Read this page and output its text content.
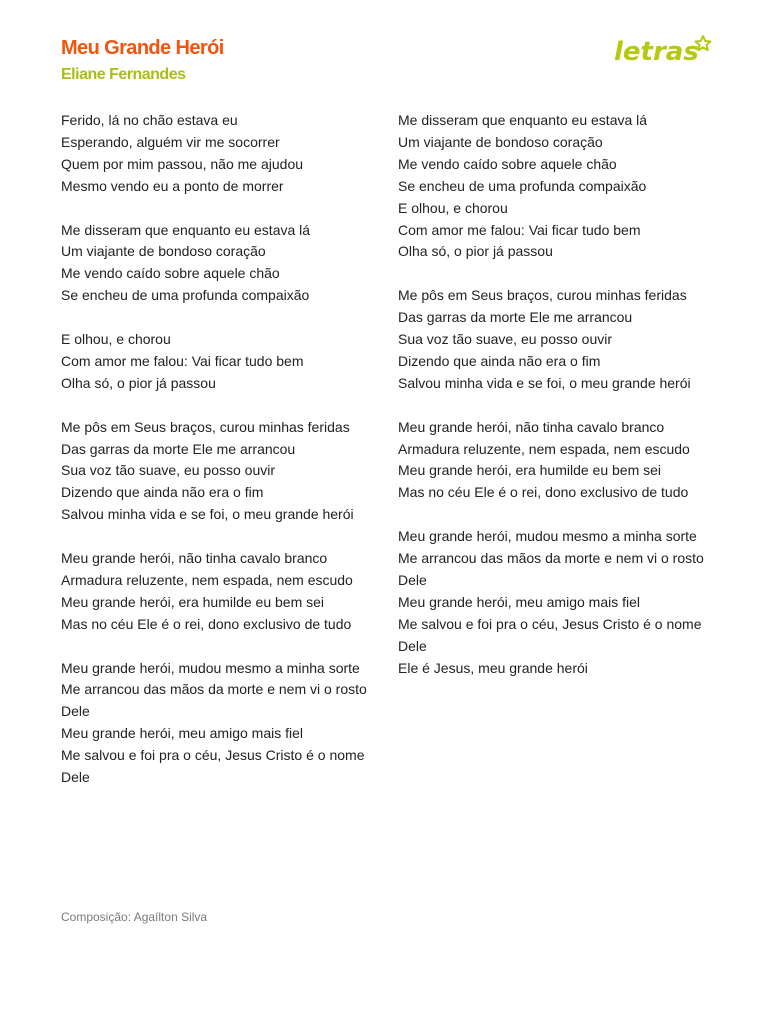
Meu Grande Herói
Eliane Fernandes
letras
Ferido, lá no chão estava eu
Esperando, alguém vir me socorrer
Quem por mim passou, não me ajudou
Mesmo vendo eu a ponto de morrer
Me disseram que enquanto eu estava lá
Um viajante de bondoso coração
Me vendo caído sobre aquele chão
Se encheu de uma profunda compaixão
E olhou, e chorou
Com amor me falou: Vai ficar tudo bem
Olha só, o pior já passou
Me pôs em Seus braços, curou minhas feridas
Das garras da morte Ele me arrancou
Sua voz tão suave, eu posso ouvir
Dizendo que ainda não era o fim
Salvou minha vida e se foi, o meu grande herói
Meu grande herói, não tinha cavalo branco
Armadura reluzente, nem espada, nem escudo
Meu grande herói, era humilde eu bem sei
Mas no céu Ele é o rei, dono exclusivo de tudo
Meu grande herói, mudou mesmo a minha sorte
Me arrancou das mãos da morte e nem vi o rosto Dele
Meu grande herói, meu amigo mais fiel
Me salvou e foi pra o céu, Jesus Cristo é o nome Dele
Me disseram que enquanto eu estava lá
Um viajante de bondoso coração
Me vendo caído sobre aquele chão
Se encheu de uma profunda compaixão
E olhou, e chorou
Com amor me falou: Vai ficar tudo bem
Olha só, o pior já passou
Me pôs em Seus braços, curou minhas feridas
Das garras da morte Ele me arrancou
Sua voz tão suave, eu posso ouvir
Dizendo que ainda não era o fim
Salvou minha vida e se foi, o meu grande herói
Meu grande herói, não tinha cavalo branco
Armadura reluzente, nem espada, nem escudo
Meu grande herói, era humilde eu bem sei
Mas no céu Ele é o rei, dono exclusivo de tudo
Meu grande herói, mudou mesmo a minha sorte
Me arrancou das mãos da morte e nem vi o rosto Dele
Meu grande herói, meu amigo mais fiel
Me salvou e foi pra o céu, Jesus Cristo é o nome Dele
Ele é Jesus, meu grande herói
Composição: Agaílton Silva
